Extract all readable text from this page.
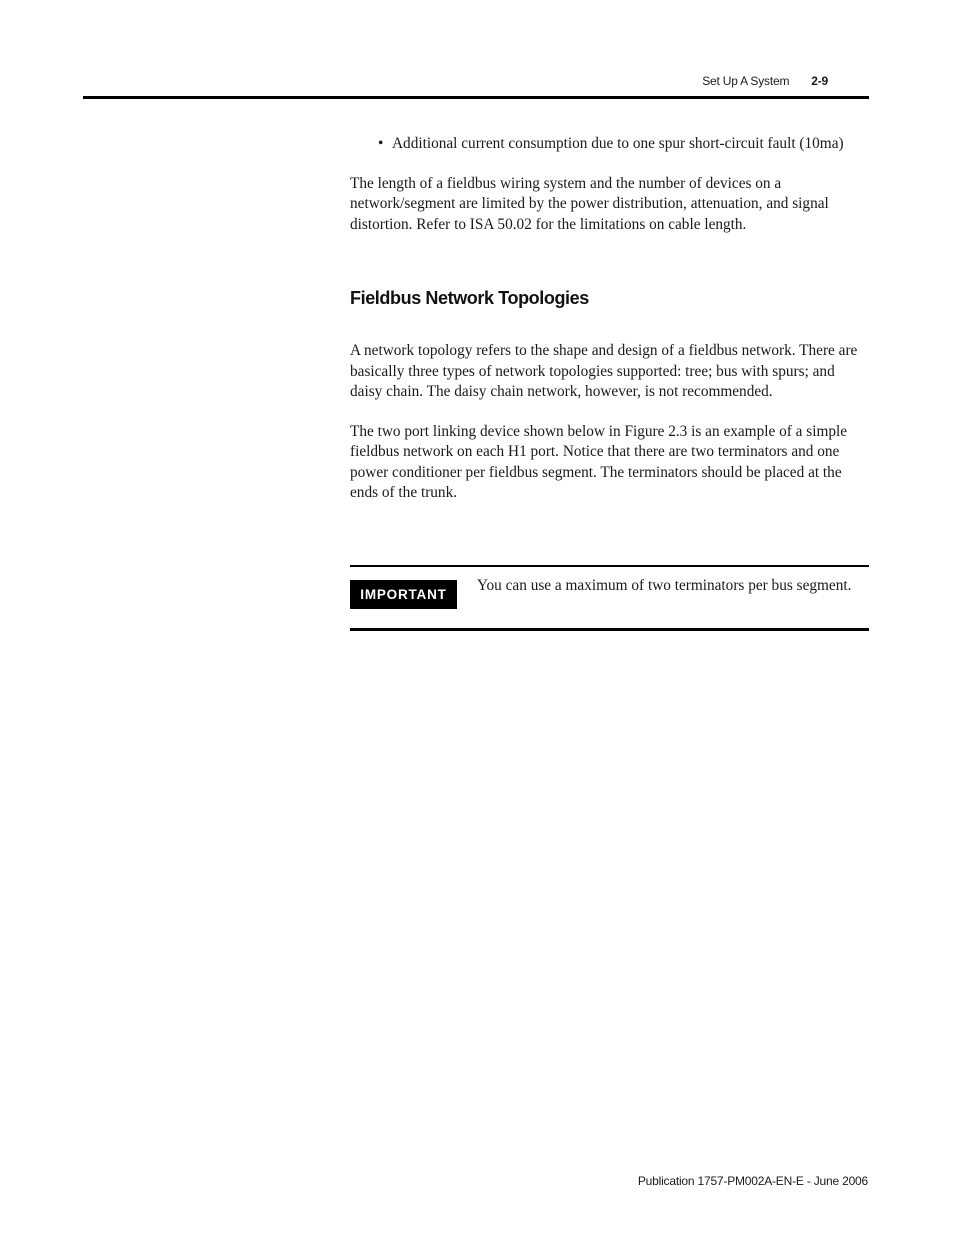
Set Up A System 2-9
• Additional current consumption due to one spur short-circuit fault (10ma)

The length of a fieldbus wiring system and the number of devices on a network/segment are limited by the power distribution, attenuation, and signal distortion. Refer to ISA 50.02 for the limitations on cable length.

Fieldbus Network Topologies

A network topology refers to the shape and design of a fieldbus network. There are basically three types of network topologies supported: tree; bus with spurs; and daisy chain. The daisy chain network, however, is not recommended.

The two port linking device shown below in Figure 2.3 is an example of a simple fieldbus network on each H1 port. Notice that there are two terminators and one power conditioner per fieldbus segment. The terminators should be placed at the ends of the trunk.

IMPORTANT
You can use a maximum of two terminators per bus segment.
Publication 1757-PM002A-EN-E - June 2006
